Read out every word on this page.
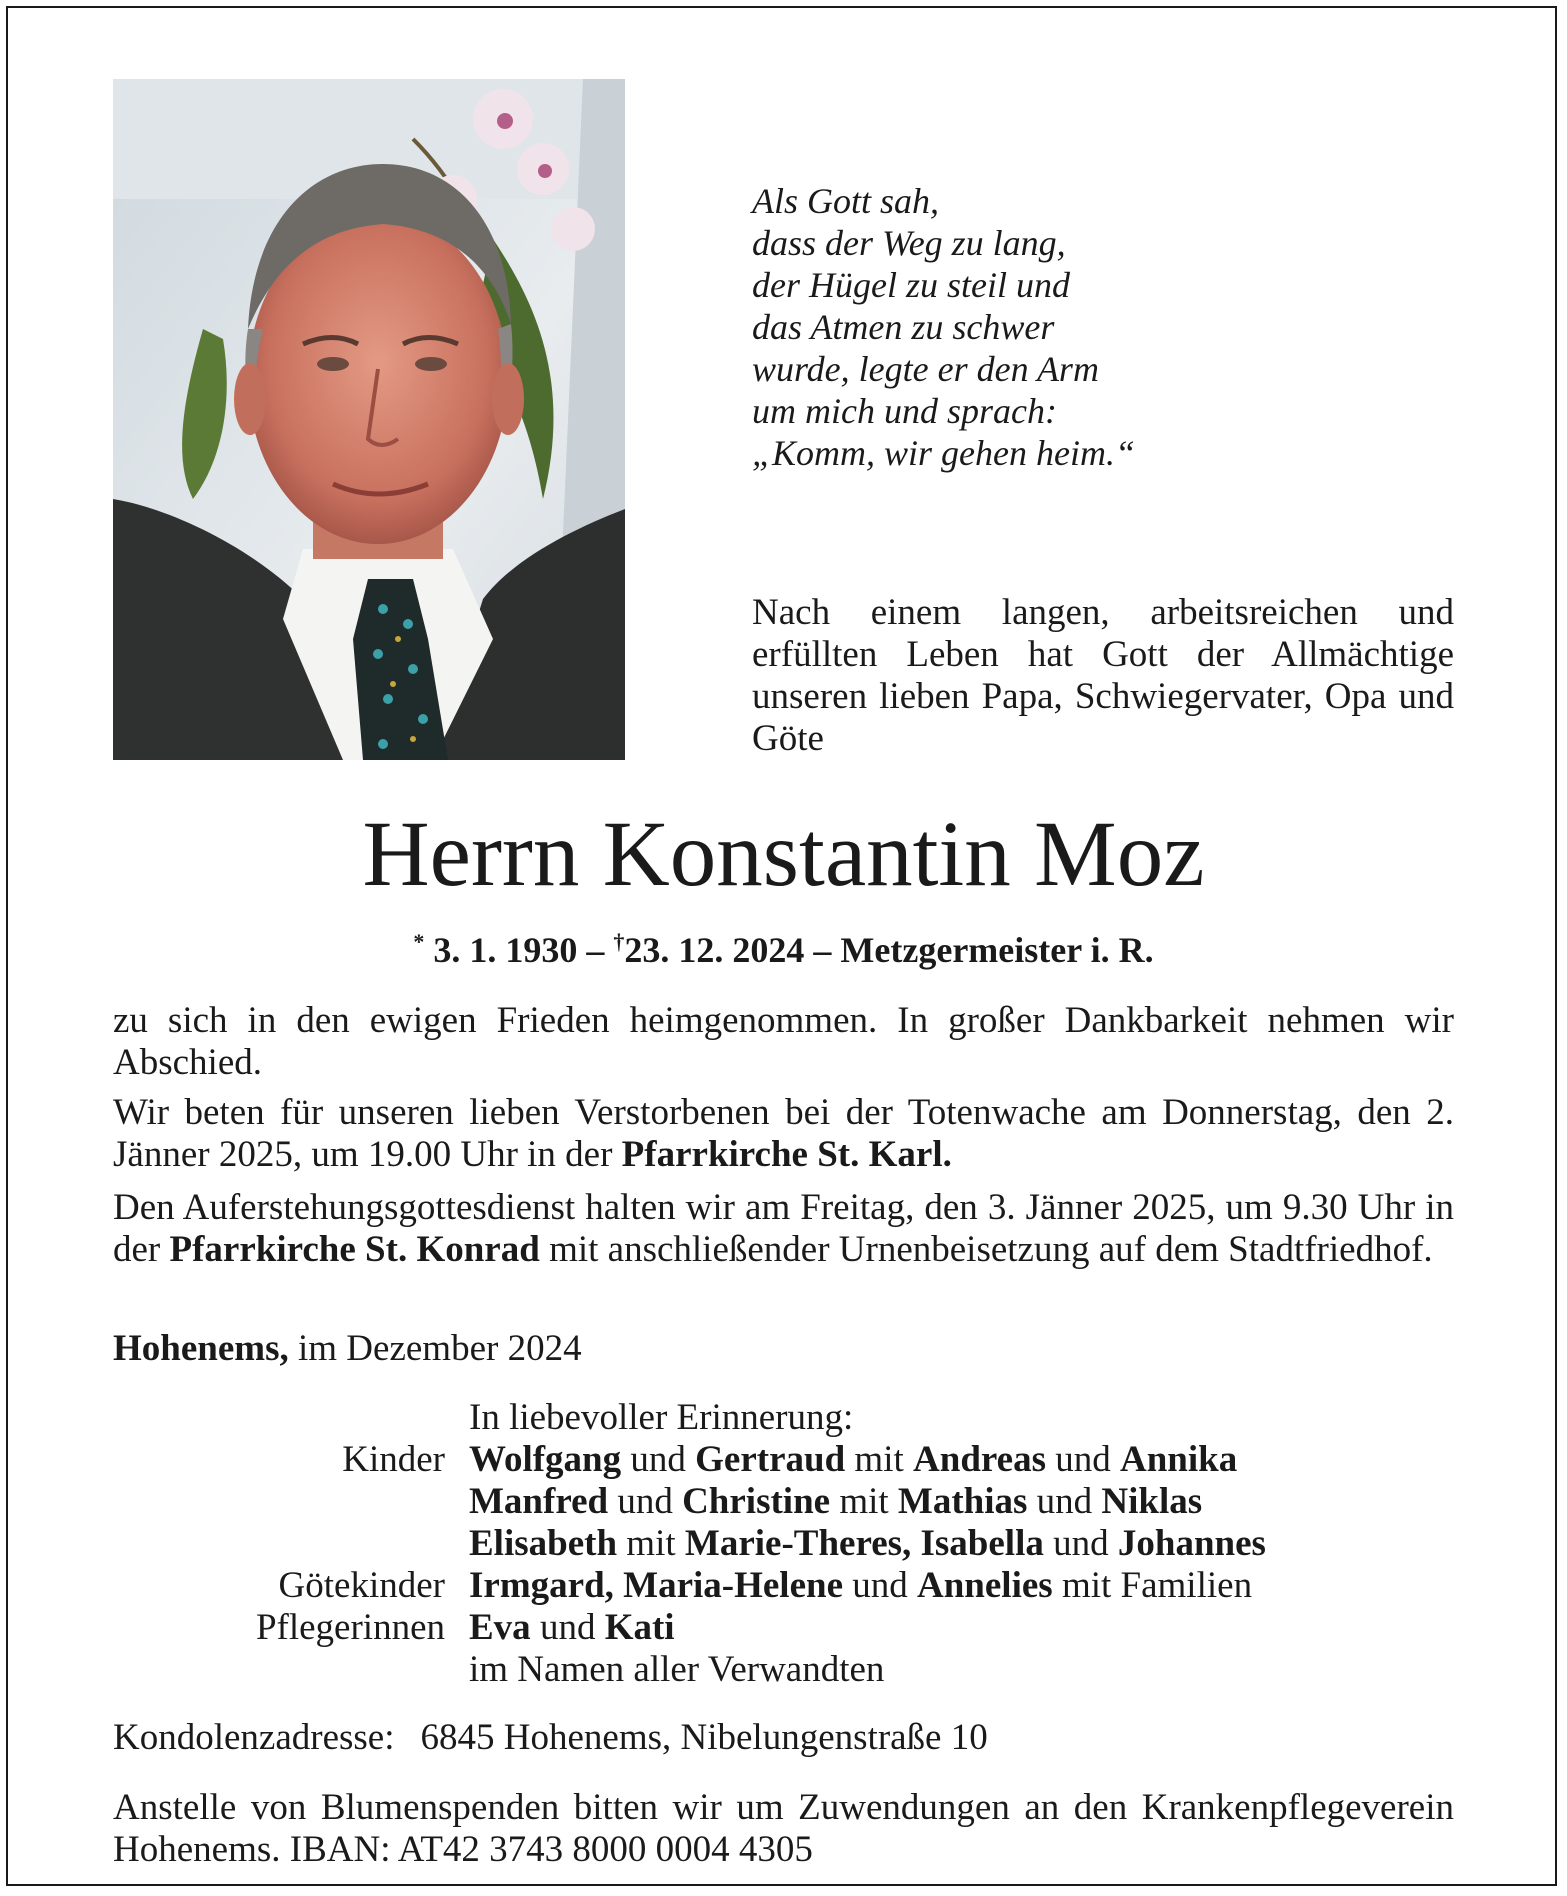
Als Gott sah,
dass der Weg zu lang,
der Hügel zu steil und
das Atmen zu schwer
wurde, legte er den Arm
um mich und sprach:
„Komm, wir gehen heim.“
Nach einem langen, arbeitsreichen und erfüllten Leben hat Gott der Allmächtige unseren lieben Papa, Schwiegervater, Opa und Göte
Herrn Konstantin Moz
* 3. 1. 1930 – †23. 12. 2024 – Metzgermeister i. R.
zu sich in den ewigen Frieden heimgenommen. In großer Dankbarkeit nehmen wir Abschied.
Wir beten für unseren lieben Verstorbenen bei der Totenwache am Donnerstag, den 2. Jänner 2025, um 19.00 Uhr in der Pfarrkirche St. Karl.
Den Auferstehungsgottesdienst halten wir am Freitag, den 3. Jänner 2025, um 9.30 Uhr in der Pfarrkirche St. Konrad mit anschließender Urnenbeisetzung auf dem Stadtfriedhof.
Hohenems, im Dezember 2024
In liebevoller Erinnerung:
Kinder Wolfgang und Gertraud mit Andreas und Annika
Manfred und Christine mit Mathias und Niklas
Elisabeth mit Marie-Theres, Isabella und Johannes
Götekinder Irmgard, Maria-Helene und Annelies mit Familien
Pflegerinnen Eva und Kati
im Namen aller Verwandten
Kondolenzadresse: 6845 Hohenems, Nibelungenstraße 10
Anstelle von Blumenspenden bitten wir um Zuwendungen an den Krankenpflegeverein Hohenems. IBAN: AT42 3743 8000 0004 4305
